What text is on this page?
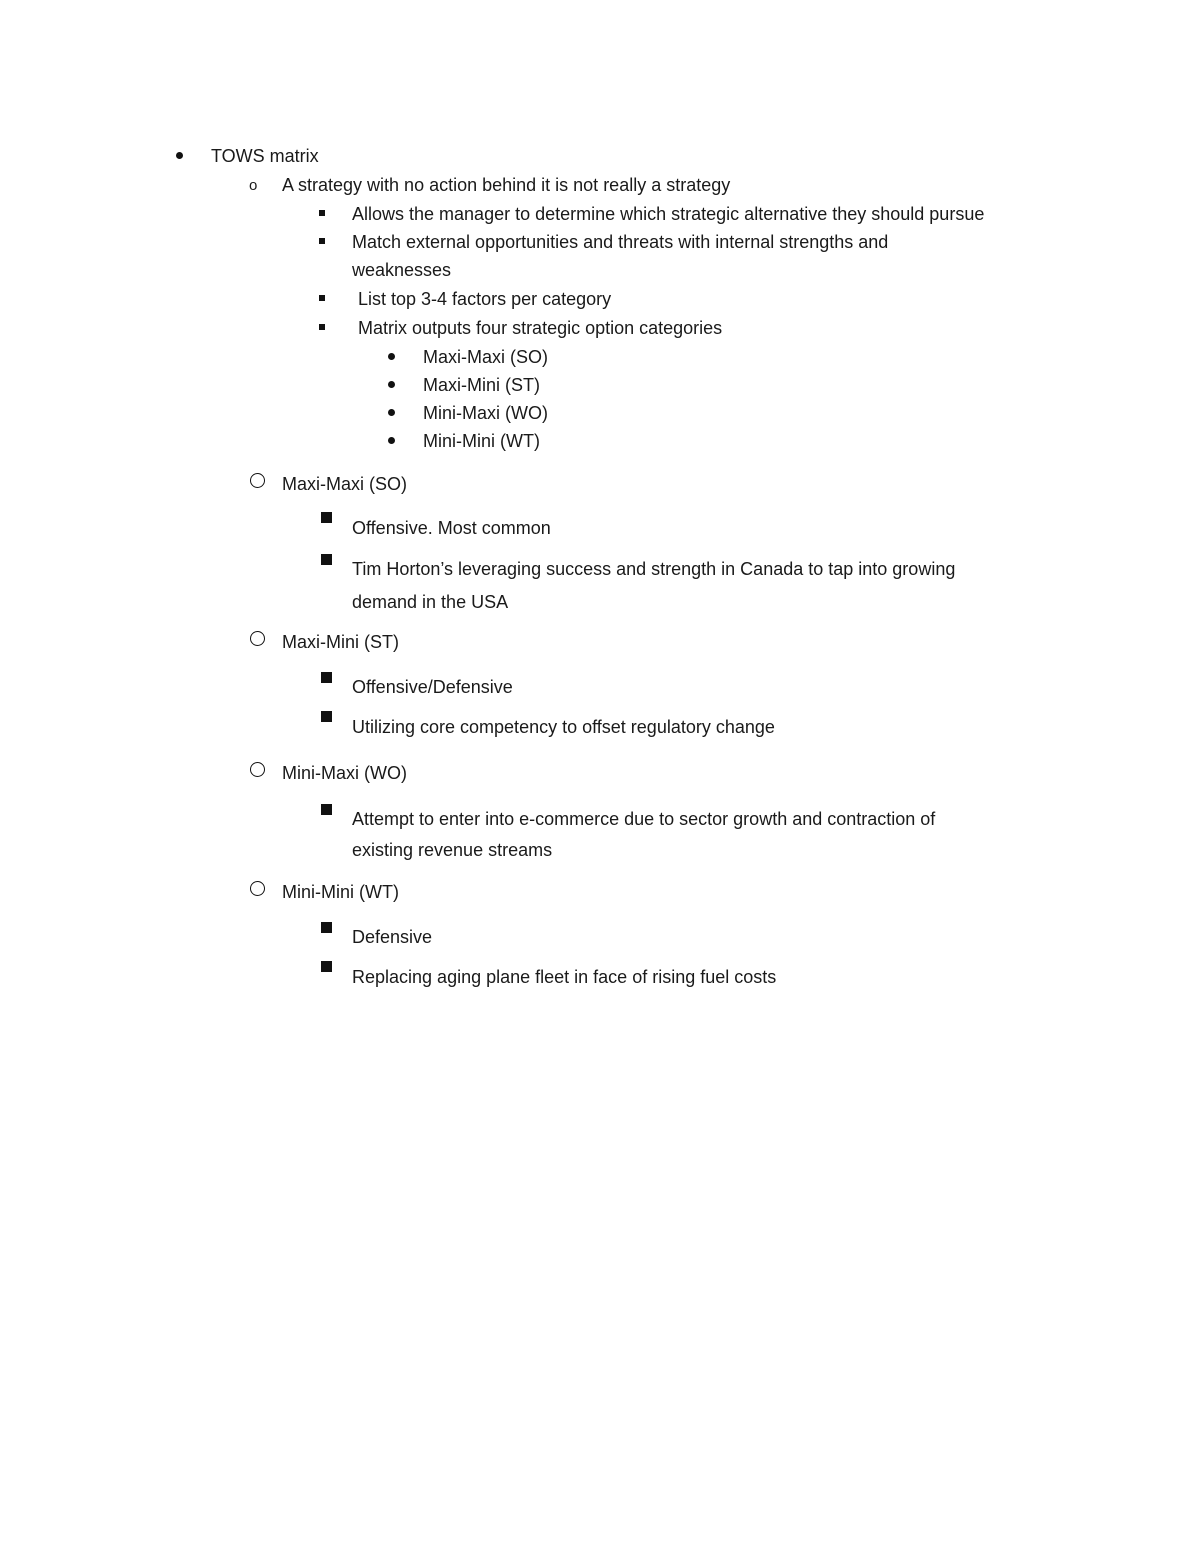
TOWS matrix
o A strategy with no action behind it is not really a strategy
Allows the manager to determine which strategic alternative they should pursue
Match external opportunities and threats with internal strengths and
weaknesses
List top 3-4 factors per category
Matrix outputs four strategic option categories
Maxi-Maxi (SO)
Maxi-Mini (ST)
Mini-Maxi (WO)
Mini-Mini (WT)
Maxi-Maxi (SO)
Offensive. Most common
Tim Horton’s leveraging success and strength in Canada to tap into growing
demand in the USA
Maxi-Mini (ST)
Offensive/Defensive
Utilizing core competency to offset regulatory change
Mini-Maxi (WO)
Attempt to enter into e-commerce due to sector growth and contraction of
existing revenue streams
Mini-Mini (WT)
Defensive
Replacing aging plane fleet in face of rising fuel costs
